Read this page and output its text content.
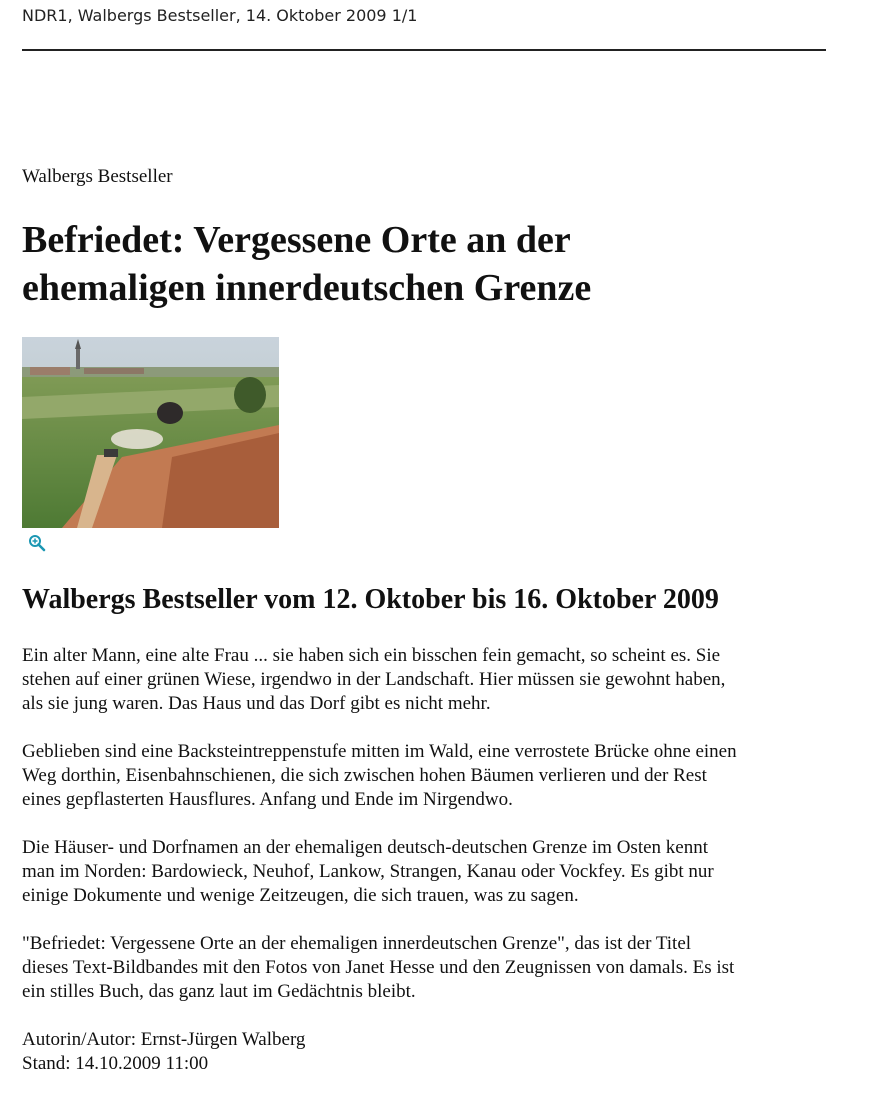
NDR1, Walbergs Bestseller, 14. Oktober 2009 1/1
Walbergs Bestseller
Befriedet: Vergessene Orte an der
ehemaligen innerdeutschen Grenze
Walbergs Bestseller vom 12. Oktober bis 16. Oktober 2009

Ein alter Mann, eine alte Frau ... sie haben sich ein bisschen fein gemacht, so scheint es. Sie
stehen auf einer grünen Wiese, irgendwo in der Landschaft. Hier müssen sie gewohnt haben,
als sie jung waren. Das Haus und das Dorf gibt es nicht mehr.

Geblieben sind eine Backsteintreppenstufe mitten im Wald, eine verrostete Brücke ohne einen
Weg dorthin, Eisenbahnschienen, die sich zwischen hohen Bäumen verlieren und der Rest
eines gepflasterten Hausflures. Anfang und Ende im Nirgendwo.

Die Häuser- und Dorfnamen an der ehemaligen deutsch-deutschen Grenze im Osten kennt
man im Norden: Bardowieck, Neuhof, Lankow, Strangen, Kanau oder Vockfey. Es gibt nur
einige Dokumente und wenige Zeitzeugen, die sich trauen, was zu sagen.

"Befriedet: Vergessene Orte an der ehemaligen innerdeutschen Grenze", das ist der Titel
dieses Text-Bildbandes mit den Fotos von Janet Hesse und den Zeugnissen von damals. Es ist
ein stilles Buch, das ganz laut im Gedächtnis bleibt.

Autorin/Autor: Ernst-Jürgen Walberg

Stand: 14.10.2009 11:00
